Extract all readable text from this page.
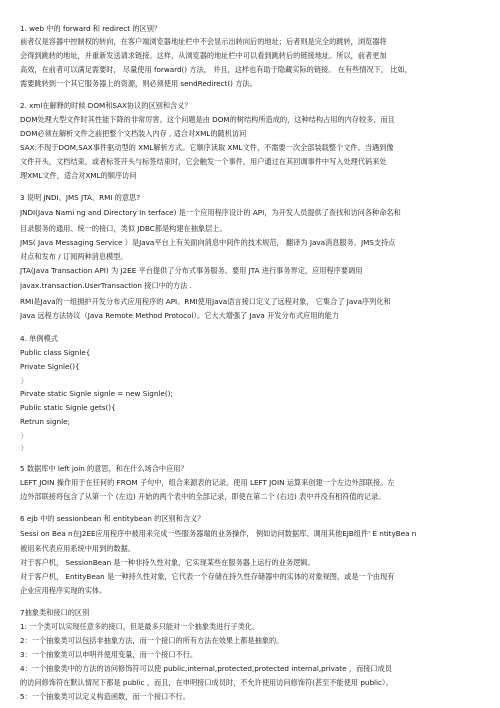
1. web 中的 forward 和 redirect 的区别？
前者仅是容器中控制权的转向，在客户端浏览器地址栏中不会显示出转向后的地址；后者则是完全的跳转，浏览器将
会得到跳转的地址，并重新发送请求链接。这样，从浏览器的地址栏中可以看到跳转后的链接地址。所以，前者更加
高效，在前者可以满足需要时， 尽量使用 forward() 方法， 并且，这样也有助于隐藏实际的链接。 在有些情况下， 比如，
需要跳转到一个其它服务器上的资源，则必须使用 sendRedirect() 方法。
2. xml在解释的时候 DOM和SAX协议的区别和含义？
DOM处理大型文件时其性能下降的非常厉害。这个问题是由 DOM的树结构所造成的，这种结构占用的内存较多，而且
DOM必须在解析文件之前把整个文档装入内存 , 适合对XML的随机访问
SAX:不现于DOM,SAX事件驱动型的 XML解析方式。它顺序读取 XML文件，不需要一次全部装载整个文件。当遇到像
文件开头，文档结束，或者标签开头与标签结束时，它会触发一个事件，用户通过在其回调事件中写入处理代码来处
理XML文件，适合对XML的顺序访问
3 说明 JNDI、JMS JTA、RMI 的意思?
JNDI(Java Nami ng and Directory In terface) 是一个应用程序设计的 API，为开发人员提供了查找和访问各种命名和
目录服务的通用、统一的接口，类似 JDBC都是构建在抽象层上。
JMS( Java Messaging Service ）是Java平台上有关面向消息中间件的技术规范， 翻译为 Java消息服务。JMS支持点
对点和发布 / 订阅两种消息模型。
JTA(Java Transaction API) 为 J2EE 平台提供了分布式事务服务。要用 JTA 进行事务界定，应用程序要调用
javax.transaction.UserTransaction 接口中的方法 .
RMI是Java的一组拥护开发分布式应用程序的 API。RMI使用Java语言接口定义了远程对象， 它集合了 Java序列化和
Java 远程方法协议（Java Remote Method Protocol）。它大大增强了 Java 开发分布式应用的能力
4. 单例模式
Public class Signle{
Private Signle(){
}
Pirvate static Signle signle = new Signle();
Public static Signle gets(){
Retrun signle;
}
}
5 数据库中 left join 的意思，和在什么场合中应用？
LEFT JOIN 操作用于在任何的 FROM 子句中，组合来源表的记录。使用 LEFT JOIN 运算来创建一个左边外部联接。左
边外部联接将包含了从第一个 (左边) 开始的两个表中的全部记录，即使在第二个 (右边) 表中并没有相符值的记录。
6 ejb 中的 sessionbean 和 entitybean 的区别和含义？
Sessi on Bea n在J2EE应用程序中被用来完成一些服务器端的业务操作， 例如访问数据库、调用其他EJB组件' E ntityBea n
被用来代表应用系统中用到的数据。
对于客户机， SessionBean 是一种非持久性对象，它实现某些在服务器上运行的业务逻辑。
对于客户机， EntityBean 是一种持久性对象，它代表一个存储在持久性存储器中的实体的对象视图，或是一个由现有
企业应用程序实现的实体。
7抽象类和接口的区别
1: 一个类可以实现任意多的接口，但是最多只能对一个抽象类进行子类化。
2：一个抽象类可以包括非抽象方法，而一个接口的所有方法在效果上都是抽象的。
3：一个抽象类可以申明并使用变量，而一个接口不行。
4：一个抽象类中的方法的访问修饰符可以使 public,internal,protected,protected internal,private ，而接口成员
的访问修饰符在默认情况下都是 public ，而且，在申明接口成员时，不允许使用访问修饰符(甚至不能使用 public）。
5：一个抽象类可以定义构造函数，而一个接口不行。
